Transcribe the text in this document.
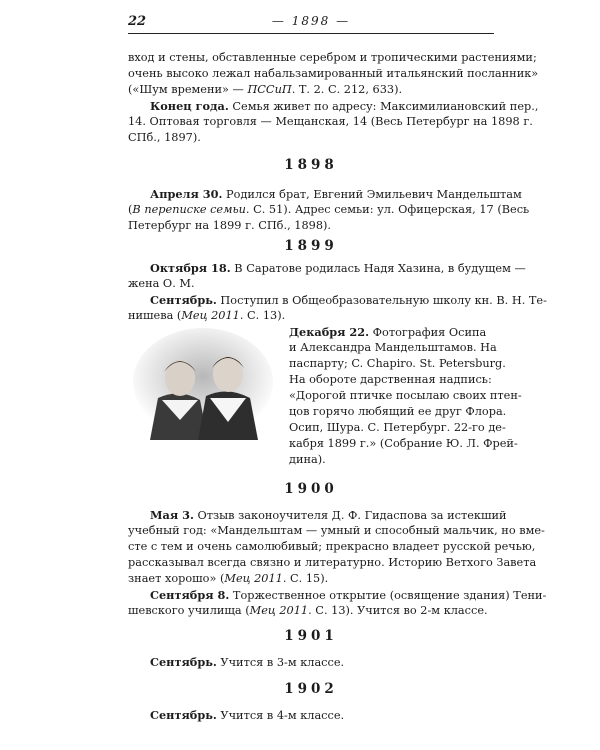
22	— 1898 —
вход и стены, обставленные серебром и тропическими растениями;
очень высоко лежал набальзамированный итальянский посланник»
(«Шум времени» — ПССиП. Т. 2. С. 212, 633).
Конец года. Семья живет по адресу: Максимилиановский пер.,
14. Оптовая торговля — Мещанская, 14 (Весь Петербург на 1898 г.
СПб., 1897).
1898
Апреля 30. Родился брат, Евгений Эмильевич Мандельштам
(В переписке семьи. С. 51). Адрес семьи: ул. Офицерская, 17 (Весь
Петербург на 1899 г. СПб., 1898).
1899
Октября 18. В Саратове родилась Надя Хазина, в будущем —
жена О. М.
Сентябрь. Поступил в Общеобразовательную школу кн. В. Н. Те-
нишева (Мец 2011. С. 13).
Декабря 22. Фотография Осипа
и Александра Мандельштамов. На
паспарту; C. Chapiro. St. Petersburg.
На обороте дарственная надпись:
«Дорогой птичке посылаю своих птен-
цов горячо любящий ее друг Флора.
Осип, Шура. С. Петербург. 22-го де-
кабря 1899 г.» (Собрание Ю. Л. Фрей-
дина).
1900
Мая 3. Отзыв законоучителя Д. Ф. Гидаспова за истекший
учебный год: «Мандельштам — умный и способный мальчик, но вме-
сте с тем и очень самолюбивый; прекрасно владеет русской речью,
рассказывал всегда связно и литературно. Историю Ветхого Завета
знает хорошо» (Мец 2011. С. 15).
Сентября 8. Торжественное открытие (освящение здания) Тени-
шевского училища (Мец 2011. С. 13). Учится во 2-м классе.
1901
Сентябрь. Учится в 3-м классе.
1902
Сентябрь. Учится в 4-м классе.
